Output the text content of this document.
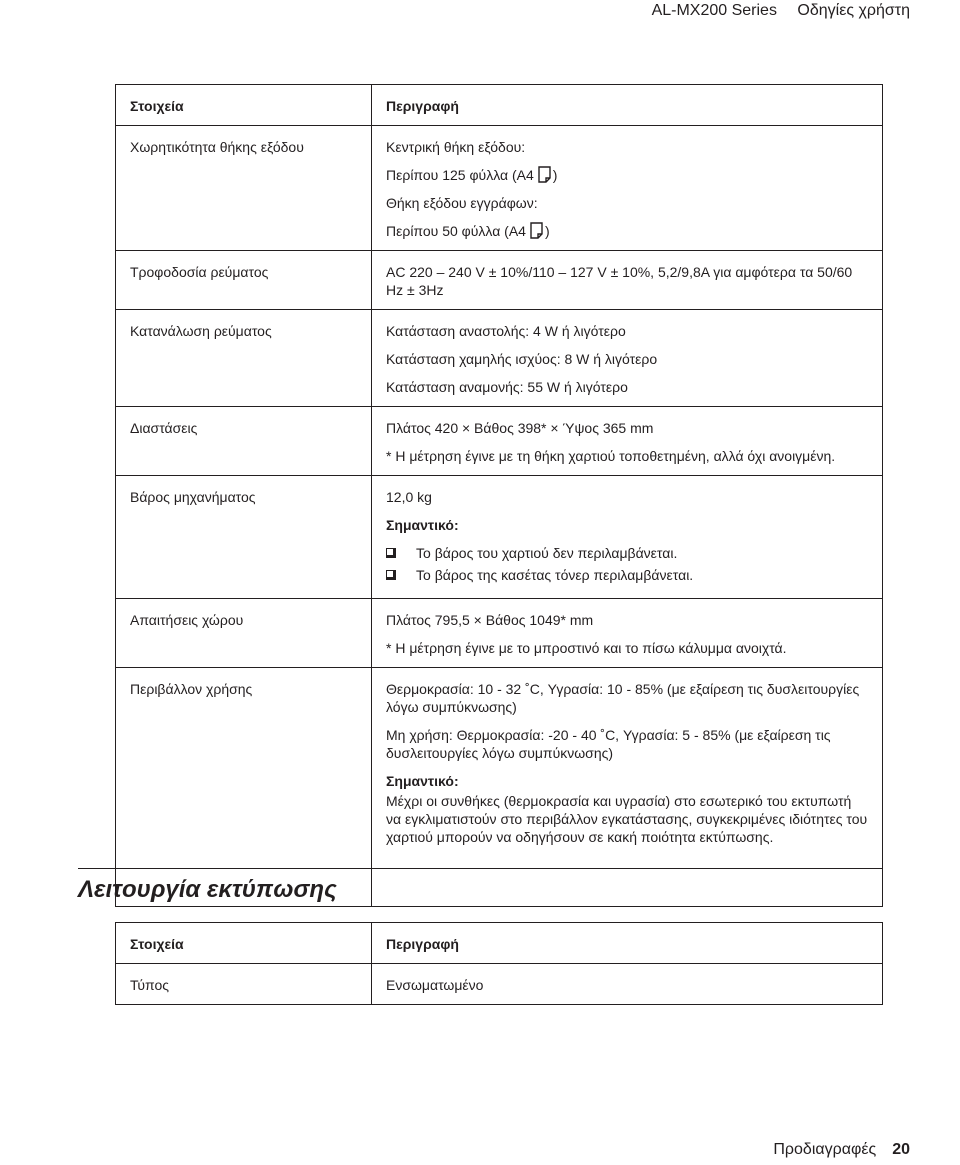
AL-MX200 Series Οδηγίες χρήστη
Στοιχεία	Περιγραφή
Χωρητικότητα θήκης εξόδου	Κεντρική θήκη εξόδου:
Περίπου 125 φύλλα (A4 )
Θήκη εξόδου εγγράφων:
Περίπου 50 φύλλα (A4 )

Τροφοδοσία ρεύματος	AC 220 – 240 V ± 10%/110 – 127 V ± 10%, 5,2/9,8A για αμφότερα τα 50/60 Hz ± 3Hz
Κατανάλωση ρεύματος	Κατάσταση αναστολής: 4 W ή λιγότερο
Κατάσταση χαμηλής ισχύος: 8 W ή λιγότερο
Κατάσταση αναμονής: 55 W ή λιγότερο

Διαστάσεις	Πλάτος 420 × Βάθος 398* × Ύψος 365 mm
* Η μέτρηση έγινε με τη θήκη χαρτιού τοποθετημένη, αλλά όχι ανοιγμένη.

Βάρος μηχανήματος	12,0 kg
Σημαντικό:
Το βάρος του χαρτιού δεν περιλαμβάνεται.
Το βάρος της κασέτας τόνερ περιλαμβάνεται.

Απαιτήσεις χώρου	Πλάτος 795,5 × Βάθος 1049* mm
* Η μέτρηση έγινε με το μπροστινό και το πίσω κάλυμμα ανοιχτά.

Περιβάλλον χρήσης	Θερμοκρασία: 10 - 32 ˚C, Υγρασία: 10 - 85% (με εξαίρεση τις δυσλειτουργίες λόγω συμπύκνωσης)
Μη χρήση: Θερμοκρασία: -20 - 40 ˚C, Υγρασία: 5 - 85% (με εξαίρεση τις δυσλειτουργίες λόγω συμπύκνωσης)
Σημαντικό:
Μέχρι οι συνθήκες (θερμοκρασία και υγρασία) στο εσωτερικό του εκτυπωτή να εγκλιματιστούν στο περιβάλλον εγκατάστασης, συγκεκριμένες ιδιότητες του χαρτιού μπορούν να οδηγήσουν σε κακή ποιότητα εκτύπωσης.
Λειτουργία εκτύπωσης
Στοιχεία	Περιγραφή
Τύπος	Ενσωματωμένο
Προδιαγραφές 20
